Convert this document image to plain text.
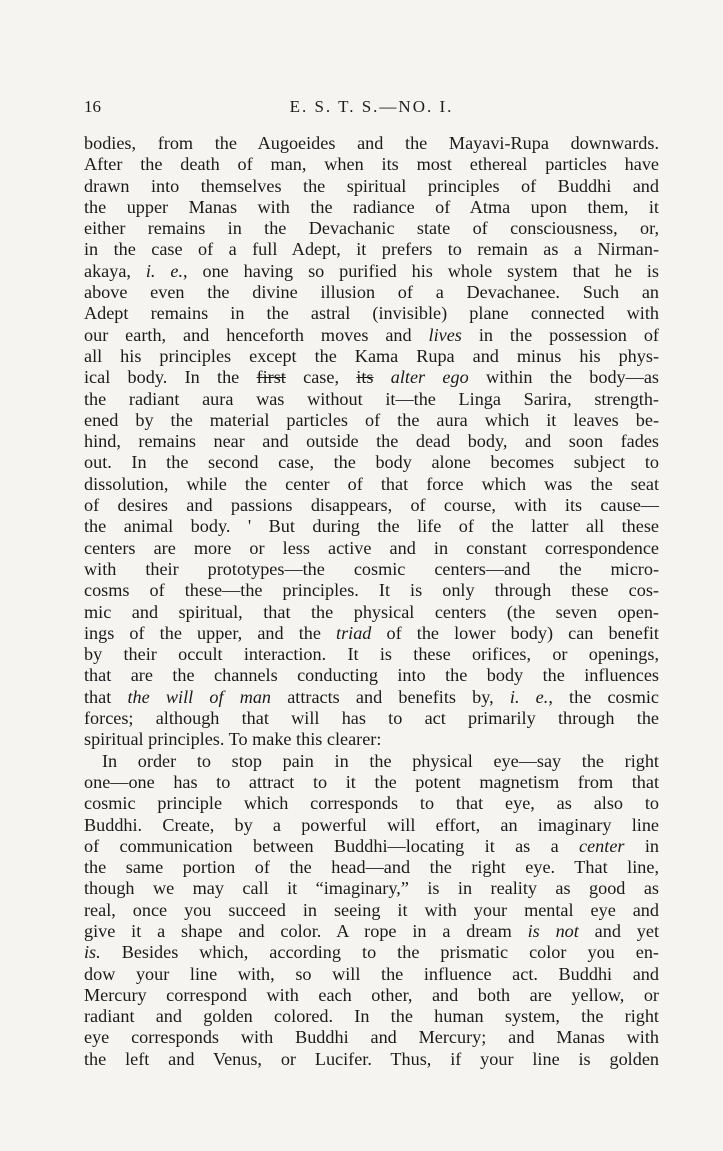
16	E. S. T. S.—NO. I.
bodies, from the Augoeides and the Mayavi-Rupa downwards.
After the death of man, when its most ethereal particles have
drawn into themselves the spiritual principles of Buddhi and
the upper Manas with the radiance of Atma upon them, it
either remains in the Devachanic state of consciousness, or,
in the case of a full Adept, it prefers to remain as a Nirman-
akaya, i. e., one having so purified his whole system that he is
above even the divine illusion of a Devachanee. Such an
Adept remains in the astral (invisible) plane connected with
our earth, and henceforth moves and lives in the possession of
all his principles except the Kama Rupa and minus his phys-
ical body. In the first case, its alter ego within the body—as
the radiant aura was without it—the Linga Sarira, strength-
ened by the material particles of the aura which it leaves be-
hind, remains near and outside the dead body, and soon fades
out. In the second case, the body alone becomes subject to
dissolution, while the center of that force which was the seat
of desires and passions disappears, of course, with its cause—
the animal body. ' But during the life of the latter all these
centers are more or less active and in constant correspondence
with their prototypes—the cosmic centers—and the micro-
cosms of these—the principles. It is only through these cos-
mic and spiritual, that the physical centers (the seven open-
ings of the upper, and the triad of the lower body) can benefit
by their occult interaction. It is these orifices, or openings,
that are the channels conducting into the body the influences
that the will of man attracts and benefits by, i. e., the cosmic
forces; although that will has to act primarily through the
spiritual principles. To make this clearer:
In order to stop pain in the physical eye—say the right
one—one has to attract to it the potent magnetism from that
cosmic principle which corresponds to that eye, as also to
Buddhi. Create, by a powerful will effort, an imaginary line
of communication between Buddhi—locating it as a center in
the same portion of the head—and the right eye. That line,
though we may call it “imaginary,” is in reality as good as
real, once you succeed in seeing it with your mental eye and
give it a shape and color. A rope in a dream is not and yet
is. Besides which, according to the prismatic color you en-
dow your line with, so will the influence act. Buddhi and
Mercury correspond with each other, and both are yellow, or
radiant and golden colored. In the human system, the right
eye corresponds with Buddhi and Mercury; and Manas with
the left and Venus, or Lucifer. Thus, if your line is golden
